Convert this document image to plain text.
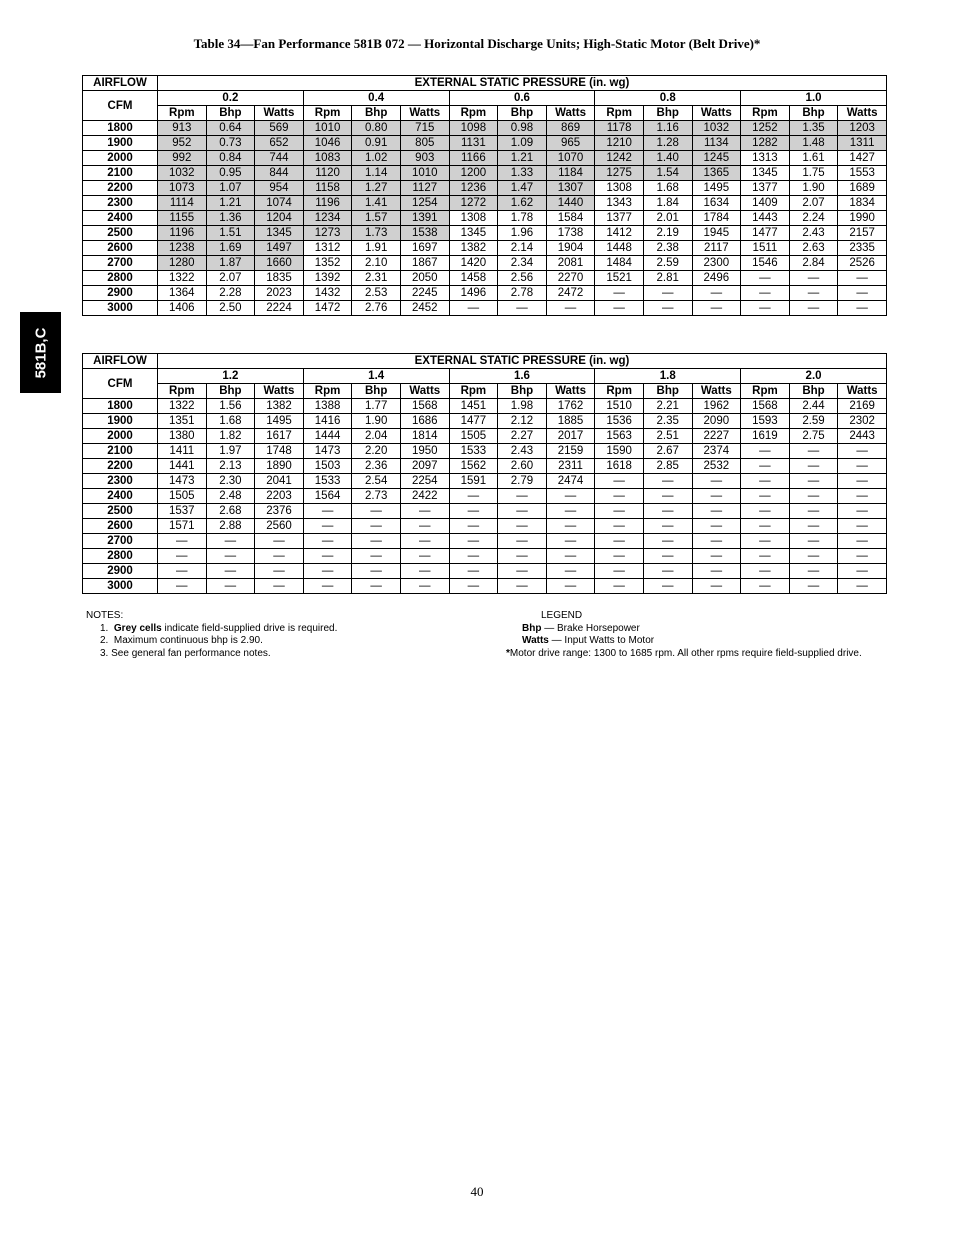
Table 34—Fan Performance 581B 072 — Horizontal Discharge Units; High-Static Motor (Belt Drive)*
581B,C
AIRFLOW	EXTERNAL STATIC PRESSURE (in. wg)														
CFM	0.2			0.4			0.6			0.8			1.0		
	Rpm	Bhp	Watts	Rpm	Bhp	Watts	Rpm	Bhp	Watts	Rpm	Bhp	Watts	Rpm	Bhp	Watts
1800	913	0.64	569	1010	0.80	715	1098	0.98	869	1178	1.16	1032	1252	1.35	1203
1900	952	0.73	652	1046	0.91	805	1131	1.09	965	1210	1.28	1134	1282	1.48	1311
2000	992	0.84	744	1083	1.02	903	1166	1.21	1070	1242	1.40	1245	1313	1.61	1427
2100	1032	0.95	844	1120	1.14	1010	1200	1.33	1184	1275	1.54	1365	1345	1.75	1553
2200	1073	1.07	954	1158	1.27	1127	1236	1.47	1307	1308	1.68	1495	1377	1.90	1689
2300	1114	1.21	1074	1196	1.41	1254	1272	1.62	1440	1343	1.84	1634	1409	2.07	1834
2400	1155	1.36	1204	1234	1.57	1391	1308	1.78	1584	1377	2.01	1784	1443	2.24	1990
2500	1196	1.51	1345	1273	1.73	1538	1345	1.96	1738	1412	2.19	1945	1477	2.43	2157
2600	1238	1.69	1497	1312	1.91	1697	1382	2.14	1904	1448	2.38	2117	1511	2.63	2335
2700	1280	1.87	1660	1352	2.10	1867	1420	2.34	2081	1484	2.59	2300	1546	2.84	2526
2800	1322	2.07	1835	1392	2.31	2050	1458	2.56	2270	1521	2.81	2496	—	—	—
2900	1364	2.28	2023	1432	2.53	2245	1496	2.78	2472	—	—	—	—	—	—
3000	1406	2.50	2224	1472	2.76	2452	—	—	—	—	—	—	—	—	—
AIRFLOW	EXTERNAL STATIC PRESSURE (in. wg)														
CFM	1.2			1.4			1.6			1.8			2.0		
	Rpm	Bhp	Watts	Rpm	Bhp	Watts	Rpm	Bhp	Watts	Rpm	Bhp	Watts	Rpm	Bhp	Watts
1800	1322	1.56	1382	1388	1.77	1568	1451	1.98	1762	1510	2.21	1962	1568	2.44	2169
1900	1351	1.68	1495	1416	1.90	1686	1477	2.12	1885	1536	2.35	2090	1593	2.59	2302
2000	1380	1.82	1617	1444	2.04	1814	1505	2.27	2017	1563	2.51	2227	1619	2.75	2443
2100	1411	1.97	1748	1473	2.20	1950	1533	2.43	2159	1590	2.67	2374	—	—	—
2200	1441	2.13	1890	1503	2.36	2097	1562	2.60	2311	1618	2.85	2532	—	—	—
2300	1473	2.30	2041	1533	2.54	2254	1591	2.79	2474	—	—	—	—	—	—
2400	1505	2.48	2203	1564	2.73	2422	—	—	—	—	—	—	—	—	—
2500	1537	2.68	2376	—	—	—	—	—	—	—	—	—	—	—	—
2600	1571	2.88	2560	—	—	—	—	—	—	—	—	—	—	—	—
2700	—	—	—	—	—	—	—	—	—	—	—	—	—	—	—
2800	—	—	—	—	—	—	—	—	—	—	—	—	—	—	—
2900	—	—	—	—	—	—	—	—	—	—	—	—	—	—	—
3000	—	—	—	—	—	—	—	—	—	—	—	—	—	—	—
NOTES:
1. Grey cells indicate field-supplied drive is required.
2. Maximum continuous bhp is 2.90.
3. See general fan performance notes.
LEGEND
Bhp — Brake Horsepower
Watts — Input Watts to Motor
*Motor drive range: 1300 to 1685 rpm. All other rpms require field-supplied drive.
40
